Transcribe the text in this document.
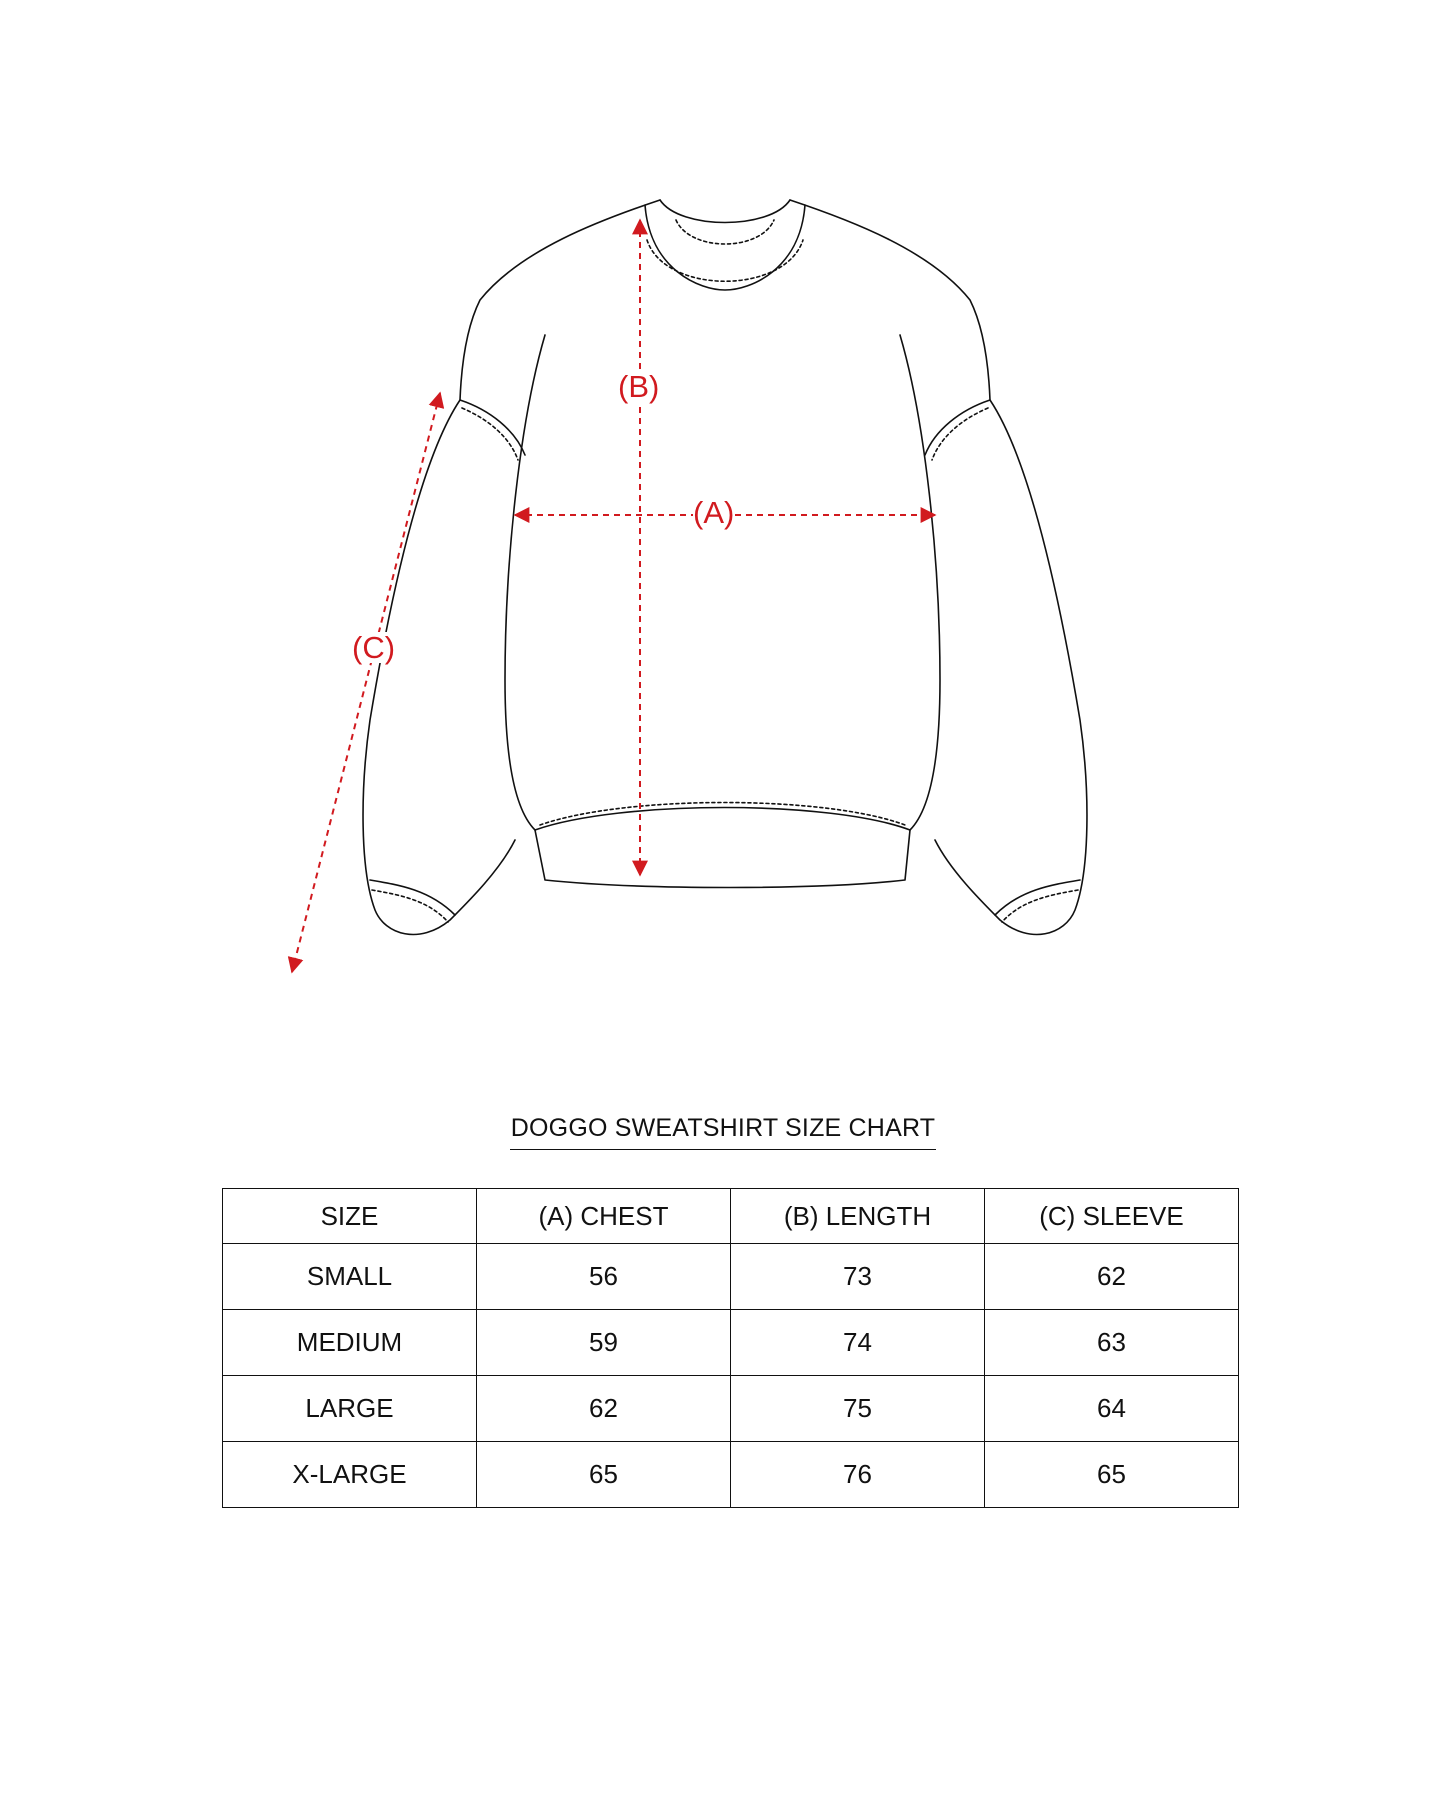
(A)
(B)
(C)
DOGGO SWEATSHIRT SIZE CHART
SIZE	(A) CHEST	(B) LENGTH	(C) SLEEVE
SMALL	56	73	62
MEDIUM	59	74	63
LARGE	62	75	64
X-LARGE	65	76	65
